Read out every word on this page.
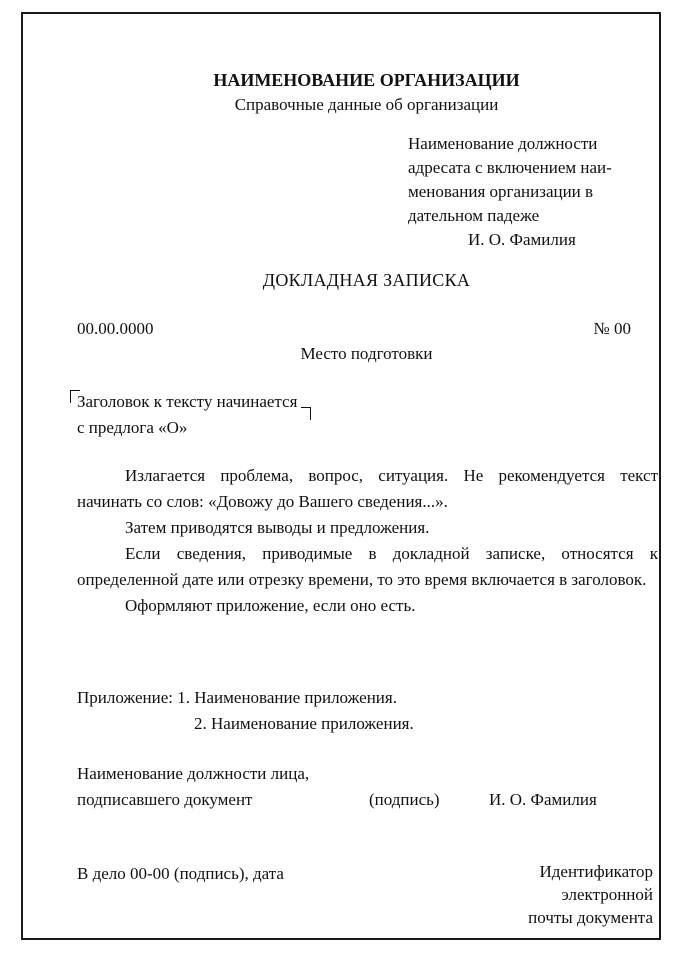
НАИМЕНОВАНИЕ ОРГАНИЗАЦИИ
Справочные данные об организации
Наименование должности
адресата с включением наи-
менования организации в
дательном падеже
И. О. Фамилия
ДОКЛАДНАЯ ЗАПИСКА
00.00.0000	№ 00
Место подготовки
Заголовок к тексту начинается
с предлога «О»

Излагается проблема, вопрос, ситуация. Не рекомендуется текст начинать со слов: «Довожу до Вашего сведения...».

Затем приводятся выводы и предложения.

Если сведения, приводимые в докладной записке, относятся к определенной дате или отрезку времени, то это время включается в заголовок.

Оформляют приложение, если оно есть.

Приложение: 1. Наименование приложения.
2. Наименование приложения.
Наименование должности лица,
подписавшего документ	(подпись)	И. О. Фамилия
В дело 00-00 (подпись), дата	Идентификатор
электронной
почты документа
